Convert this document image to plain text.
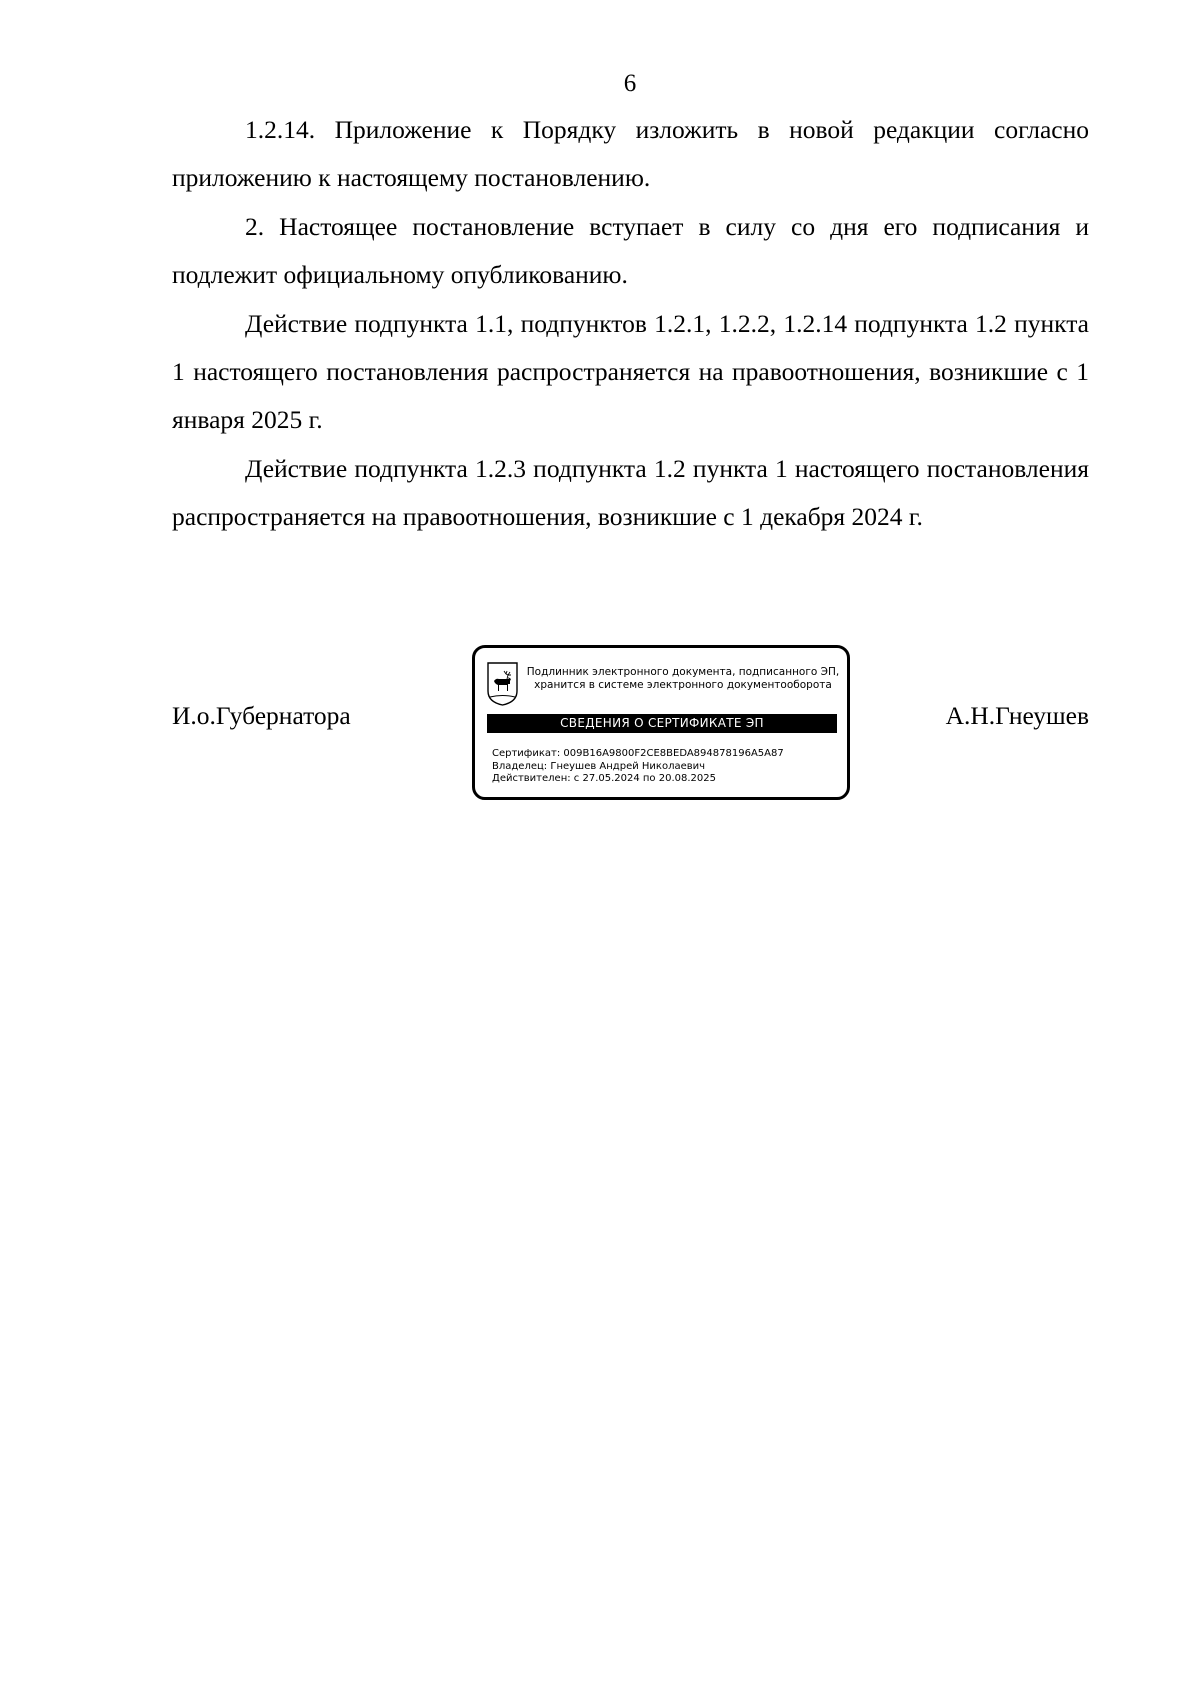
6

1.2.14. Приложение к Порядку изложить в новой редакции согласно приложению к настоящему постановлению.

2. Настоящее постановление вступает в силу со дня его подписания и подлежит официальному опубликованию.

Действие подпункта 1.1, подпунктов 1.2.1, 1.2.2, 1.2.14 подпункта 1.2 пункта 1 настоящего постановления распространяется на правоотношения, возникшие с 1 января 2025 г.

Действие подпункта 1.2.3 подпункта 1.2 пункта 1 настоящего постановления распространяется на правоотношения, возникшие с 1 декабря 2024 г.

И.о.Губернатора
Подлинник электронного документа, подписанного ЭП,
хранится в системе электронного документооборота
СВЕДЕНИЯ О СЕРТИФИКАТЕ ЭП
Сертификат: 009B16A9800F2CE8BEDA894878196A5A87
Владелец: Гнеушев Андрей Николаевич
Действителен: с 27.05.2024 по 20.08.2025
А.Н.Гнеушев
